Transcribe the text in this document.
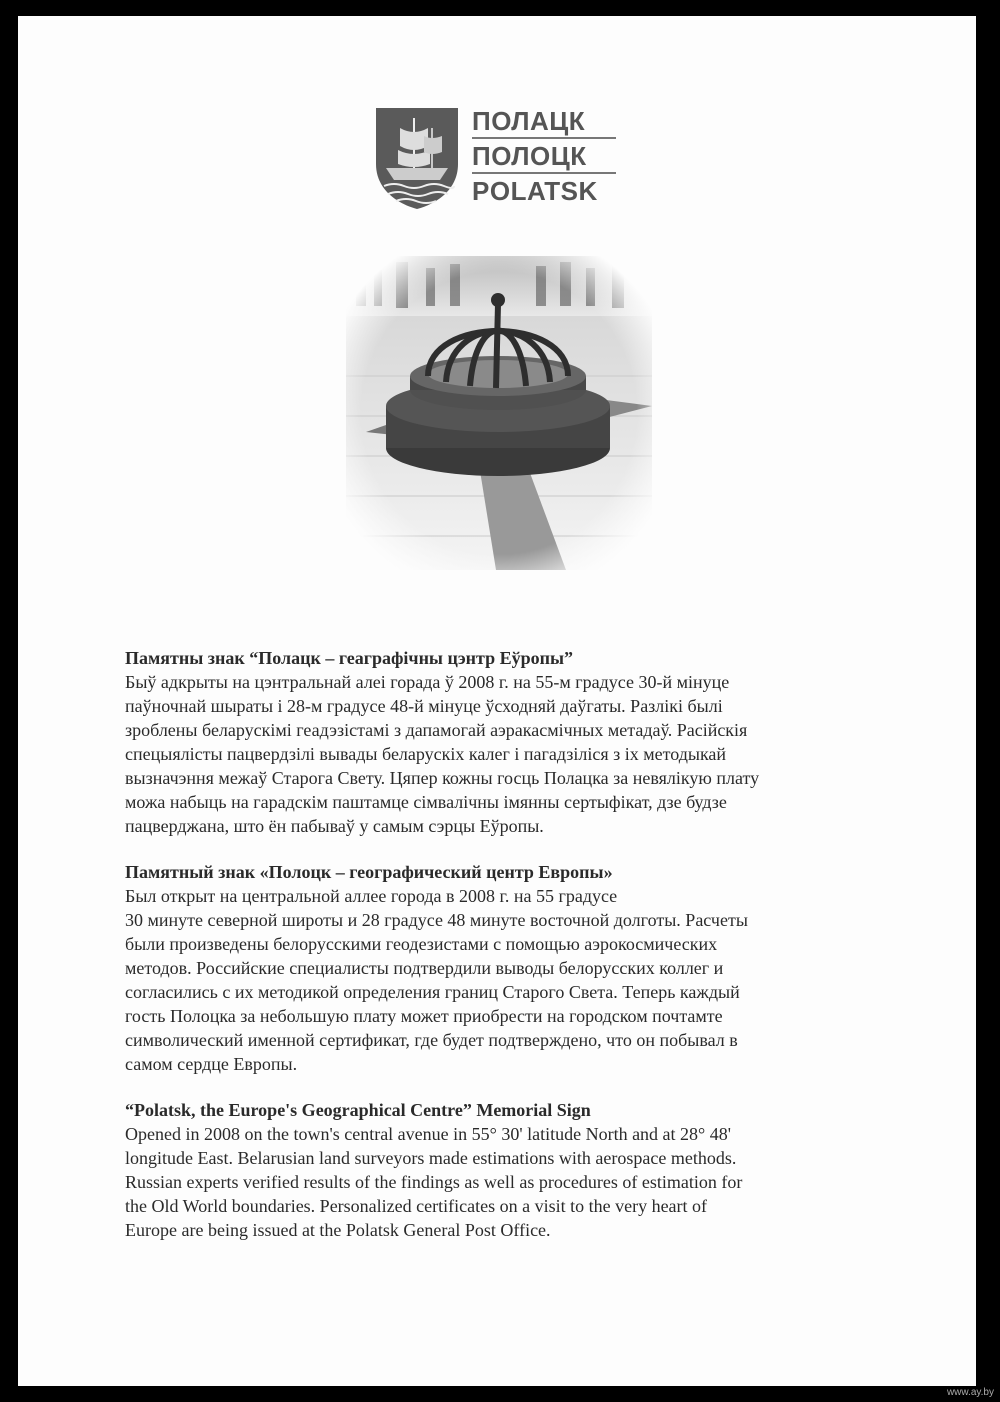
ПОЛАЦК
ПОЛОЦК
POLATSK

Памятны знак “Полацк – геаграфічны цэнтр Еўропы”

Быў адкрыты на цэнтральнай алеі горада ў 2008 г. на 55-м градусе 30-й мінуце
паўночнай шыраты і 28-м градусе 48-й мінуце ўсходняй даўгаты. Разлікі былі
зроблены беларускімі геадэзістамі з дапамогай аэракасмічных метадаў. Расійскія
спецыялісты пацвердзілі вывады беларускіх калег і пагадзіліся з іх методыкай
вызначэння межаў Старога Свету. Цяпер кожны госць Полацка за невялікую плату
можа набыць на гарадскім паштамце сімвалічны імянны сертыфікат, дзе будзе
пацверджана, што ён пабываў у самым сэрцы Еўропы.

Памятный знак «Полоцк – географический центр Европы»

Был открыт на центральной аллее города в 2008 г. на 55 градусе
30 минуте северной широты и 28 градусе 48 минуте восточной долготы. Расчеты
были произведены белорусскими геодезистами с помощью аэрокосмических
методов. Российские специалисты подтвердили выводы белорусских коллег и
согласились с их методикой определения границ Старого Света. Теперь каждый
гость Полоцка за небольшую плату может приобрести на городском почтамте
символический именной сертификат, где будет подтверждено, что он побывал в
самом сердце Европы.

“Polatsk, the Europe's Geographical Centre” Memorial Sign

Opened in 2008 on the town's central avenue in 55° 30' latitude North and at 28° 48'
longitude East. Belarusian land surveyors made estimations with aerospace methods.
Russian experts verified results of the findings as well as procedures of estimation for
the Old World boundaries. Personalized certificates on a visit to the very heart of
Europe are being issued at the Polatsk General Post Office.

www.ay.by
